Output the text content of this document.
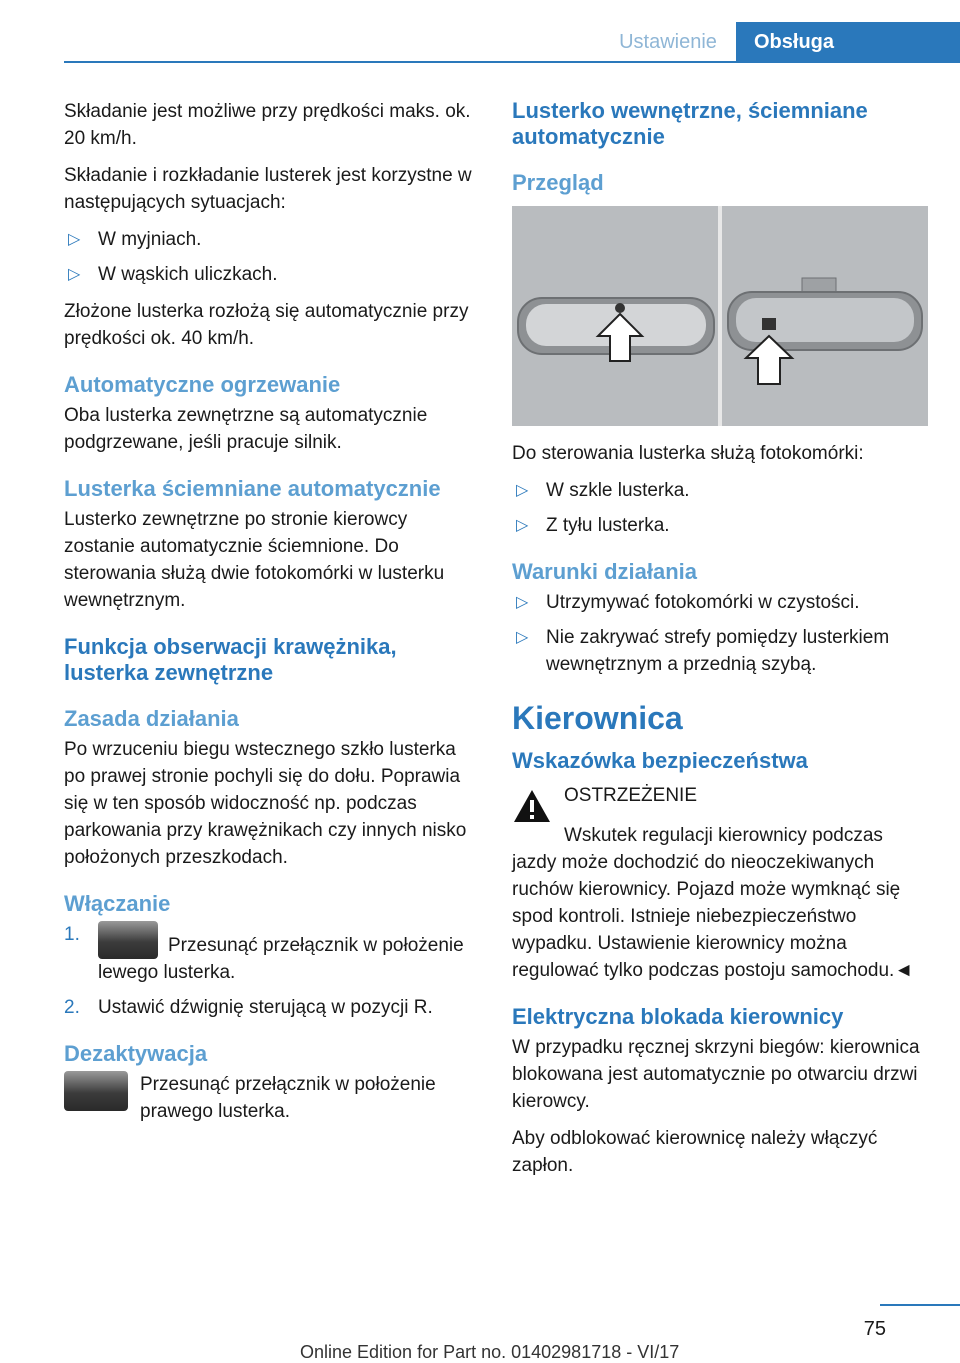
Ustawienie	Obsługa

Składanie jest możliwe przy prędkości maks. ok. 20 km/h.

Składanie i rozkładanie lusterek jest korzystne w następujących sytuacjach:

▷ W myjniach.
▷ W wąskich uliczkach.

Złożone lusterka rozłożą się automatycznie przy prędkości ok. 40 km/h.

Automatyczne ogrzewanie

Oba lusterka zewnętrzne są automatycznie podgrzewane, jeśli pracuje silnik.

Lusterka ściemniane automatycznie

Lusterko zewnętrzne po stronie kierowcy zostanie automatycznie ściemnione. Do sterowania służą dwie fotokomórki w lusterku wewnętrznym.

Funkcja obserwacji krawężnika, lusterka zewnętrzne
Zasada działania

Po wrzuceniu biegu wstecznego szkło lusterka po prawej stronie pochyli się do dołu. Poprawia się w ten sposób widoczność np. podczas parkowania przy krawężnikach czy innych nisko położonych przeszkodach.

Włączanie
1.
Przesunąć przełącznik w położenie lewego lusterka.
2. Ustawić dźwignię sterującą w pozycji R.
Dezaktywacja
Przesunąć przełącznik w położenie prawego lusterka.
Lusterko wewnętrzne, ściemniane automatycznie
Przegląd

Do sterowania lusterka służą fotokomórki:

▷ W szkle lusterka.
▷ Z tyłu lusterka.
Warunki działania
▷ Utrzymywać fotokomórki w czystości.
▷ Nie zakrywać strefy pomiędzy lusterkiem wewnętrznym a przednią szybą.
Kierownica
Wskazówka bezpieczeństwa

OSTRZEŻENIE

Wskutek regulacji kierownicy podczas jazdy może dochodzić do nieoczekiwanych ruchów kierownicy. Pojazd może wymknąć się spod kontroli. Istnieje niebezpieczeństwo wypadku. Ustawienie kierownicy można regulować tylko podczas postoju samochodu.◄

Elektryczna blokada kierownicy

W przypadku ręcznej skrzyni biegów: kierownica blokowana jest automatycznie po otwarciu drzwi kierowcy.

Aby odblokować kierownicę należy włączyć zapłon.

75
Online Edition for Part no. 01402981718 - VI/17
